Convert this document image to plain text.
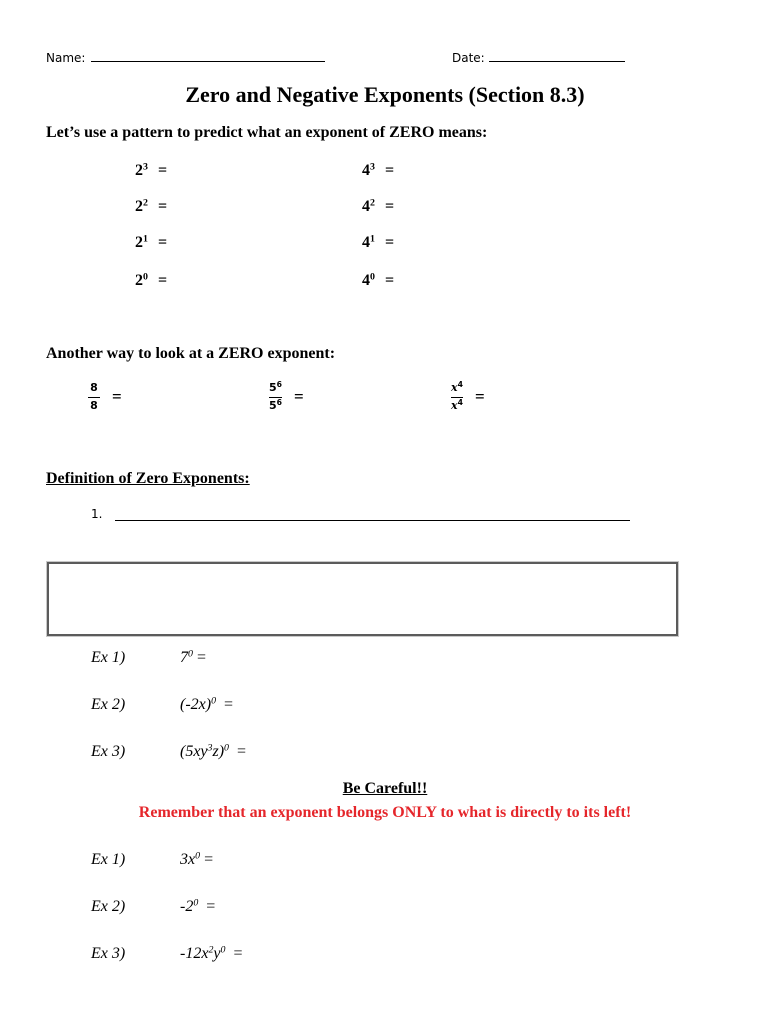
Name:	Date:
Zero and Negative Exponents (Section 8.3)
Let’s use a pattern to predict what an exponent of ZERO means:
$2^3$ =	$4^3$ =
$2^2$ =	$4^2$ =
$2^1$ =	$4^1$ =
$2^0$ =	$4^0$ =
Another way to look at a ZERO exponent:
$\frac{8}{8}$ =	$\frac{5^6}{5^6}$ =	$\frac{x^4}{x^4}$ =
Definition of Zero Exponents:
1.
Ex 1)	$7^0$ =
Ex 2)	$(-2x)^0$  =
Ex 3)	$(5xy^3z)^0$  =
Be Careful!!
Remember that an exponent belongs ONLY to what is directly to its left!
Ex 1)	$3x^0$ =
Ex 2)	$-2^0$  =
Ex 3)	$-12x^2y^0$  =
